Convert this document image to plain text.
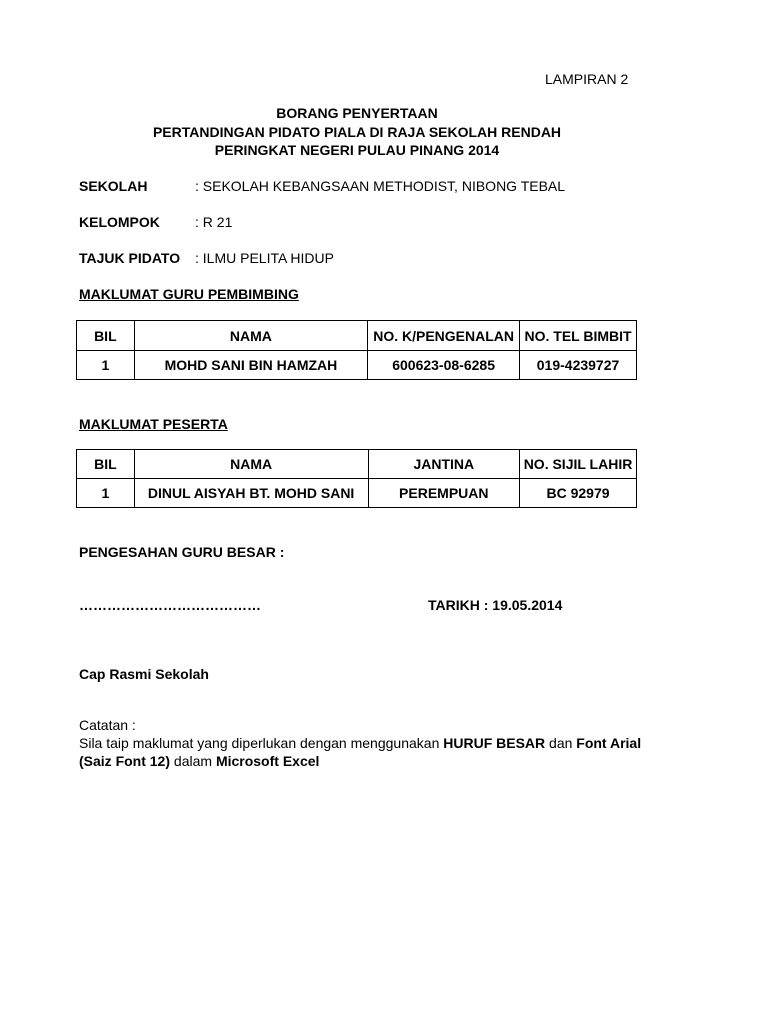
LAMPIRAN 2
BORANG PENYERTAAN
PERTANDINGAN PIDATO PIALA DI RAJA SEKOLAH RENDAH
PERINGKAT NEGERI PULAU PINANG 2014
SEKOLAH	: SEKOLAH KEBANGSAAN METHODIST, NIBONG TEBAL
KELOMPOK	: R 21
TAJUK PIDATO : ILMU PELITA HIDUP
MAKLUMAT GURU PEMBIMBING
BIL	NAMA	NO. K/PENGENALAN	NO. TEL BIMBIT
1	MOHD SANI BIN HAMZAH	600623-08-6285	019-4239727
MAKLUMAT PESERTA
BIL	NAMA	JANTINA	NO. SIJIL LAHIR
1	DINUL AISYAH BT. MOHD SANI	PEREMPUAN	BC 92979
PENGESAHAN GURU BESAR :
…………………………………	TARIKH : 19.05.2014
Cap Rasmi Sekolah
Catatan :
Sila taip maklumat yang diperlukan dengan menggunakan HURUF BESAR dan Font Arial
(Saiz Font 12) dalam Microsoft Excel
